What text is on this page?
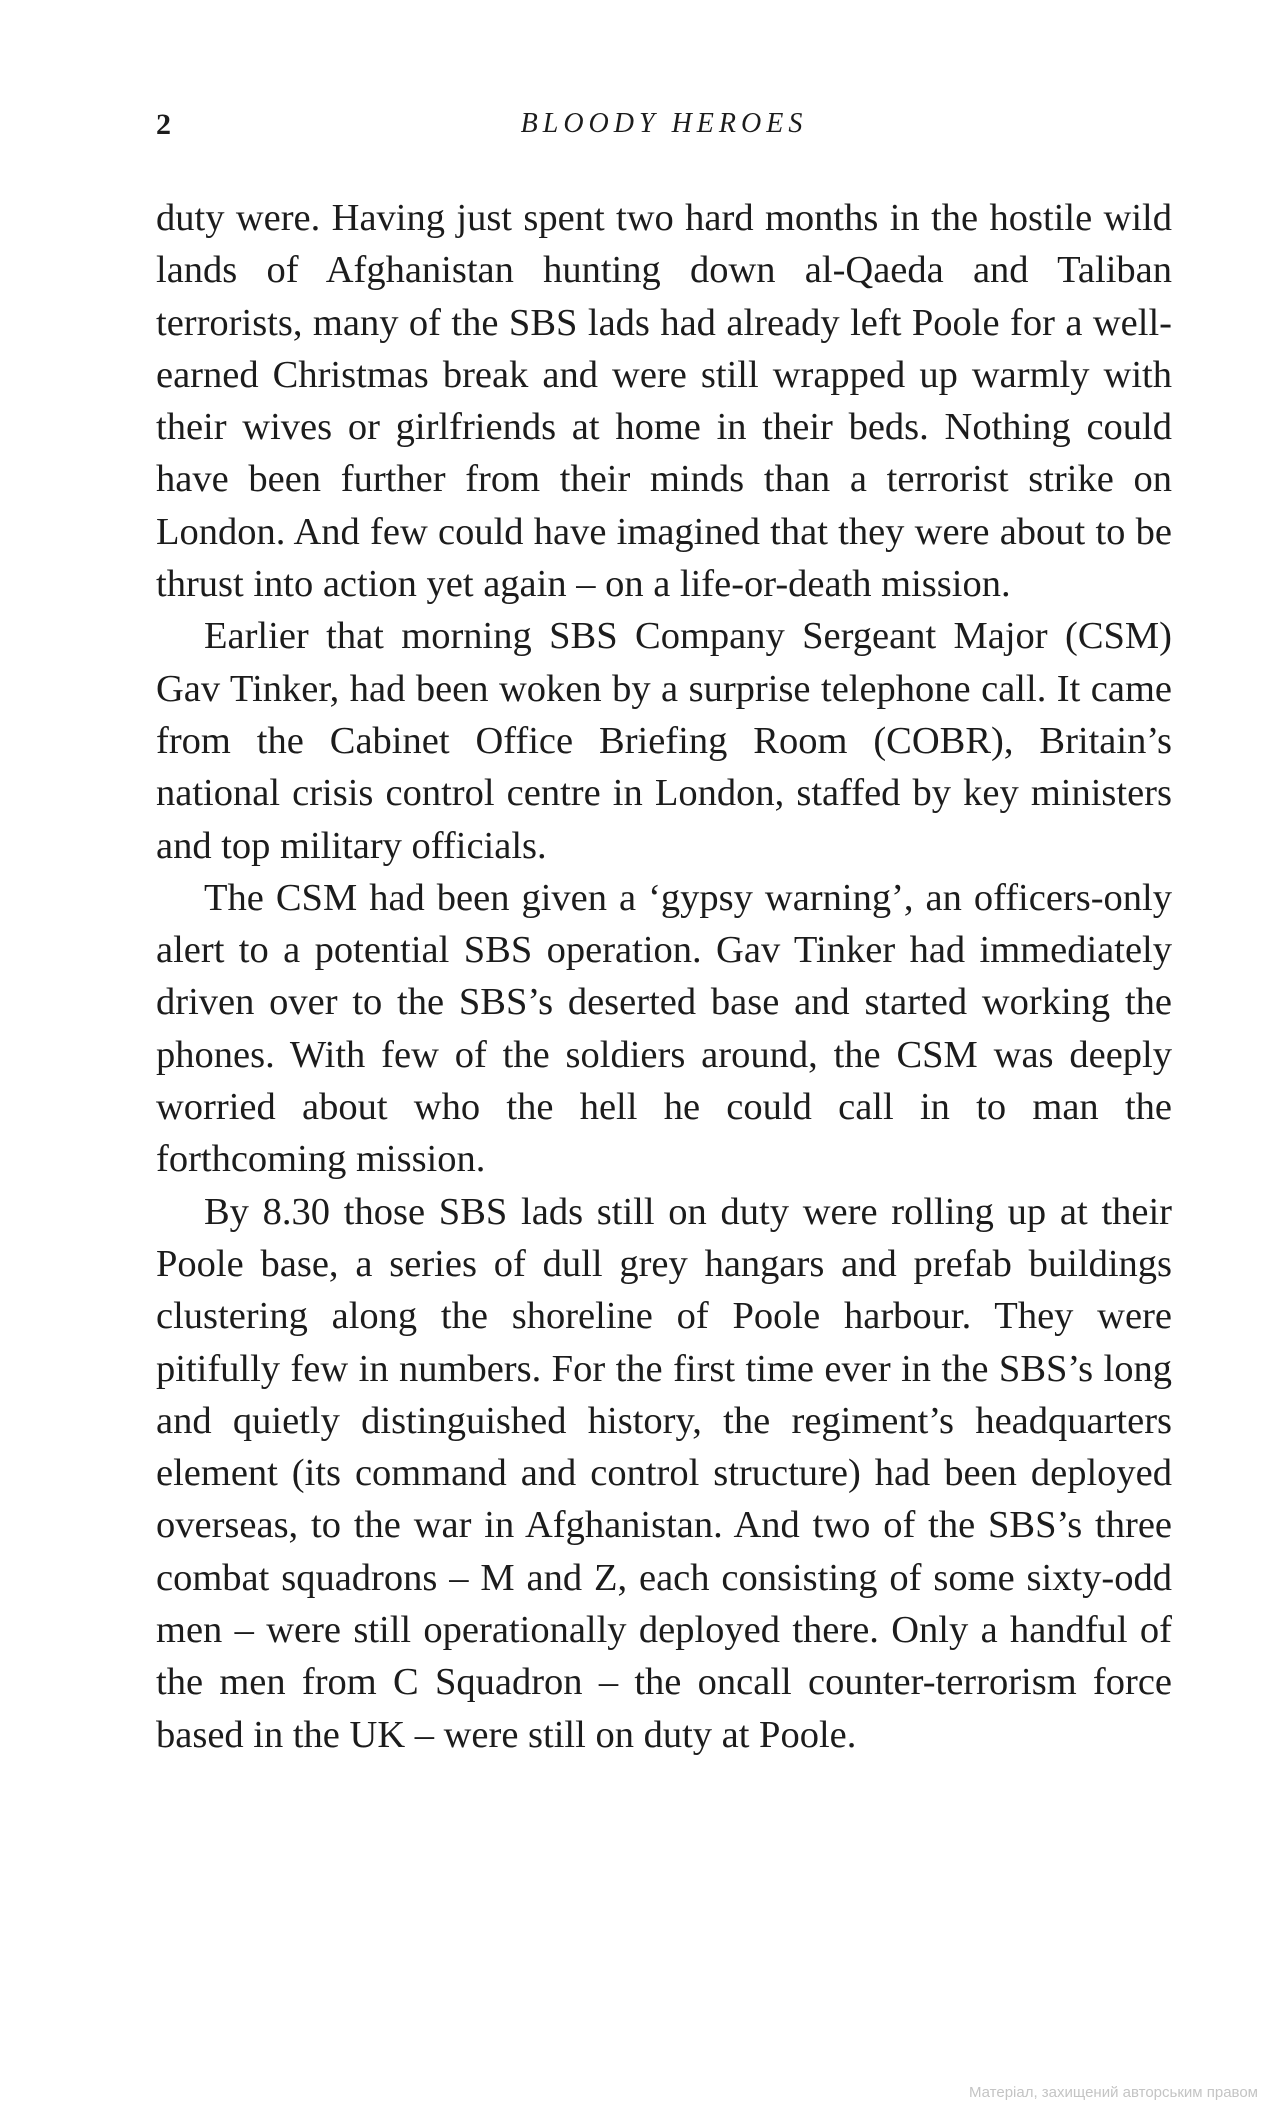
2	BLOODY HEROES

duty were. Having just spent two hard months in the hostile wild lands of Afghanistan hunting down al-Qaeda and Taliban terrorists, many of the SBS lads had already left Poole for a well-earned Christmas break and were still wrapped up warmly with their wives or girlfriends at home in their beds. Nothing could have been further from their minds than a terrorist strike on London. And few could have imagined that they were about to be thrust into action yet again – on a life-or-death mission.

Earlier that morning SBS Company Sergeant Major (CSM) Gav Tinker, had been woken by a surprise telephone call. It came from the Cabinet Office Briefing Room (COBR), Britain’s national crisis control centre in London, staffed by key ministers and top military officials.

The CSM had been given a ‘gypsy warning’, an officers-only alert to a potential SBS operation. Gav Tinker had immediately driven over to the SBS’s deserted base and started working the phones. With few of the soldiers around, the CSM was deeply worried about who the hell he could call in to man the forthcoming mission.

By 8.30 those SBS lads still on duty were rolling up at their Poole base, a series of dull grey hangars and prefab buildings clustering along the shoreline of Poole harbour. They were pitifully few in numbers. For the first time ever in the SBS’s long and quietly distinguished history, the regiment’s headquarters element (its command and control structure) had been deployed overseas, to the war in Afghanistan. And two of the SBS’s three combat squadrons – M and Z, each consisting of some sixty-odd men – were still operationally deployed there. Only a handful of the men from C Squadron – the oncall counter-terrorism force based in the UK – were still on duty at Poole.

Матеріал, захищений авторським правом
